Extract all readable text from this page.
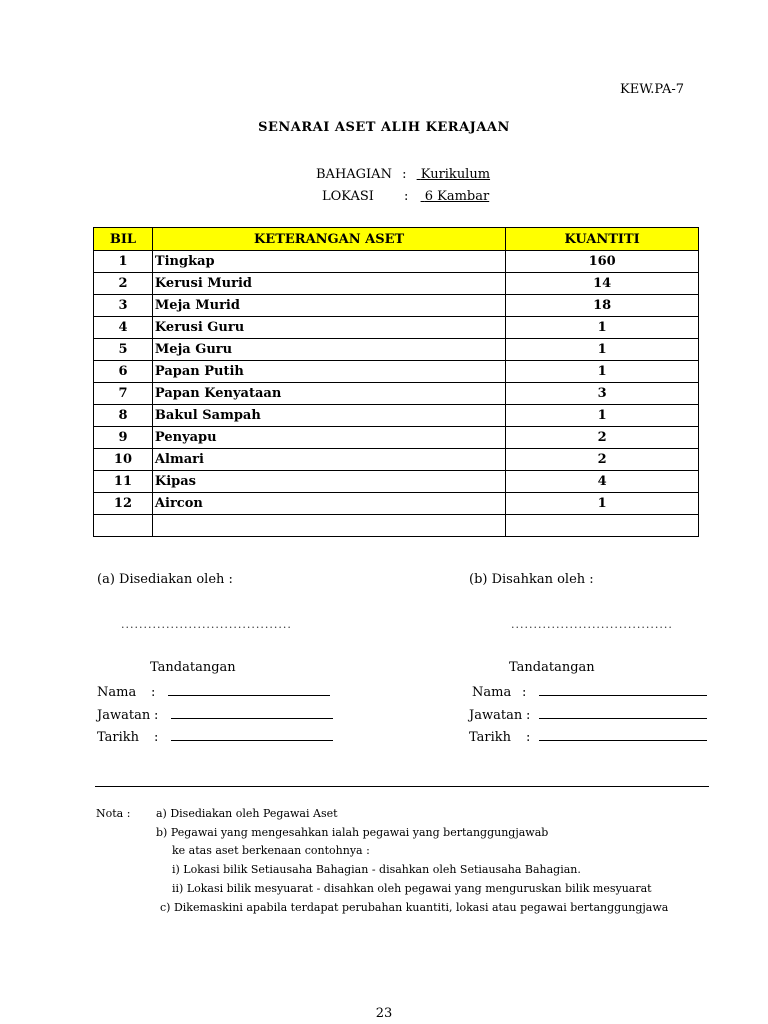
KEW.PA-7
SENARAI ASET ALIH KERAJAAN
BAHAGIAN : Kurikulum
LOKASI : 6 Kambar
BIL	KETERANGAN ASET	KUANTITI
1	Tingkap	160
2	Kerusi Murid	14
3	Meja Murid	18
4	Kerusi Guru	1
5	Meja Guru	1
6	Papan Putih	1
7	Papan Kenyataan	3
8	Bakul Sampah	1
9	Penyapu	2
10	Almari	2
11	Kipas	4
12	Aircon	1

(a) Disediakan oleh :
......................................
Tandatangan
Nama :
Jawatan :
Tarikh :
(b) Disahkan oleh :
....................................
Tandatangan
Nama :
Jawatan :
Tarikh :
Nota : a) Disediakan oleh Pegawai Aset
b) Pegawai yang mengesahkan ialah pegawai yang bertanggungjawab
ke atas aset berkenaan contohnya :
i) Lokasi bilik Setiausaha Bahagian - disahkan oleh Setiausaha Bahagian.
ii) Lokasi bilik mesyuarat - disahkan oleh pegawai yang menguruskan bilik mesyuarat
c) Dikemaskini apabila terdapat perubahan kuantiti, lokasi atau pegawai bertanggungjawa
23
